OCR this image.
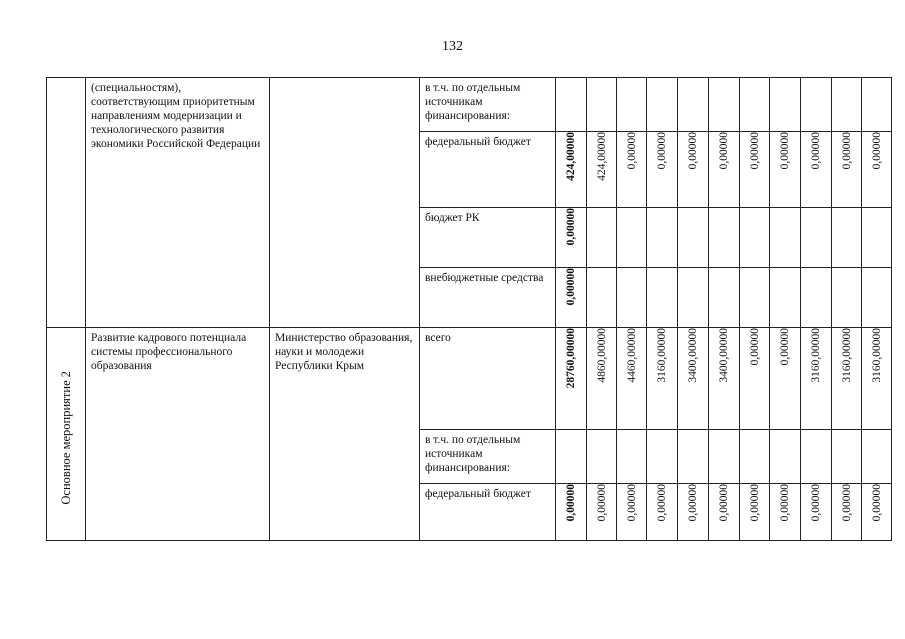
132
	(специальностям), соответствующим приоритетным направлениям модернизации и технологического развития экономики Российской Федерации		в т.ч. по отдельным источникам финансирования:											
			федеральный бюджет	424,00000	424,00000	0,00000	0,00000	0,00000	0,00000	0,00000	0,00000	0,00000	0,00000	0,00000
			бюджет РК	0,00000										
			внебюджетные средства	0,00000										

Основное мероприятие 2	Развитие кадрового потенциала системы профессионального образования	Министерство образования, науки и молодежи Республики Крым	всего	28760,00000	4860,00000	4460,00000	3160,00000	3400,00000	3400,00000	0,00000	0,00000	3160,00000	3160,00000	3160,00000
			в т.ч. по отдельным источникам финансирования:											
			федеральный бюджет	0,00000	0,00000	0,00000	0,00000	0,00000	0,00000	0,00000	0,00000	0,00000	0,00000	0,00000
